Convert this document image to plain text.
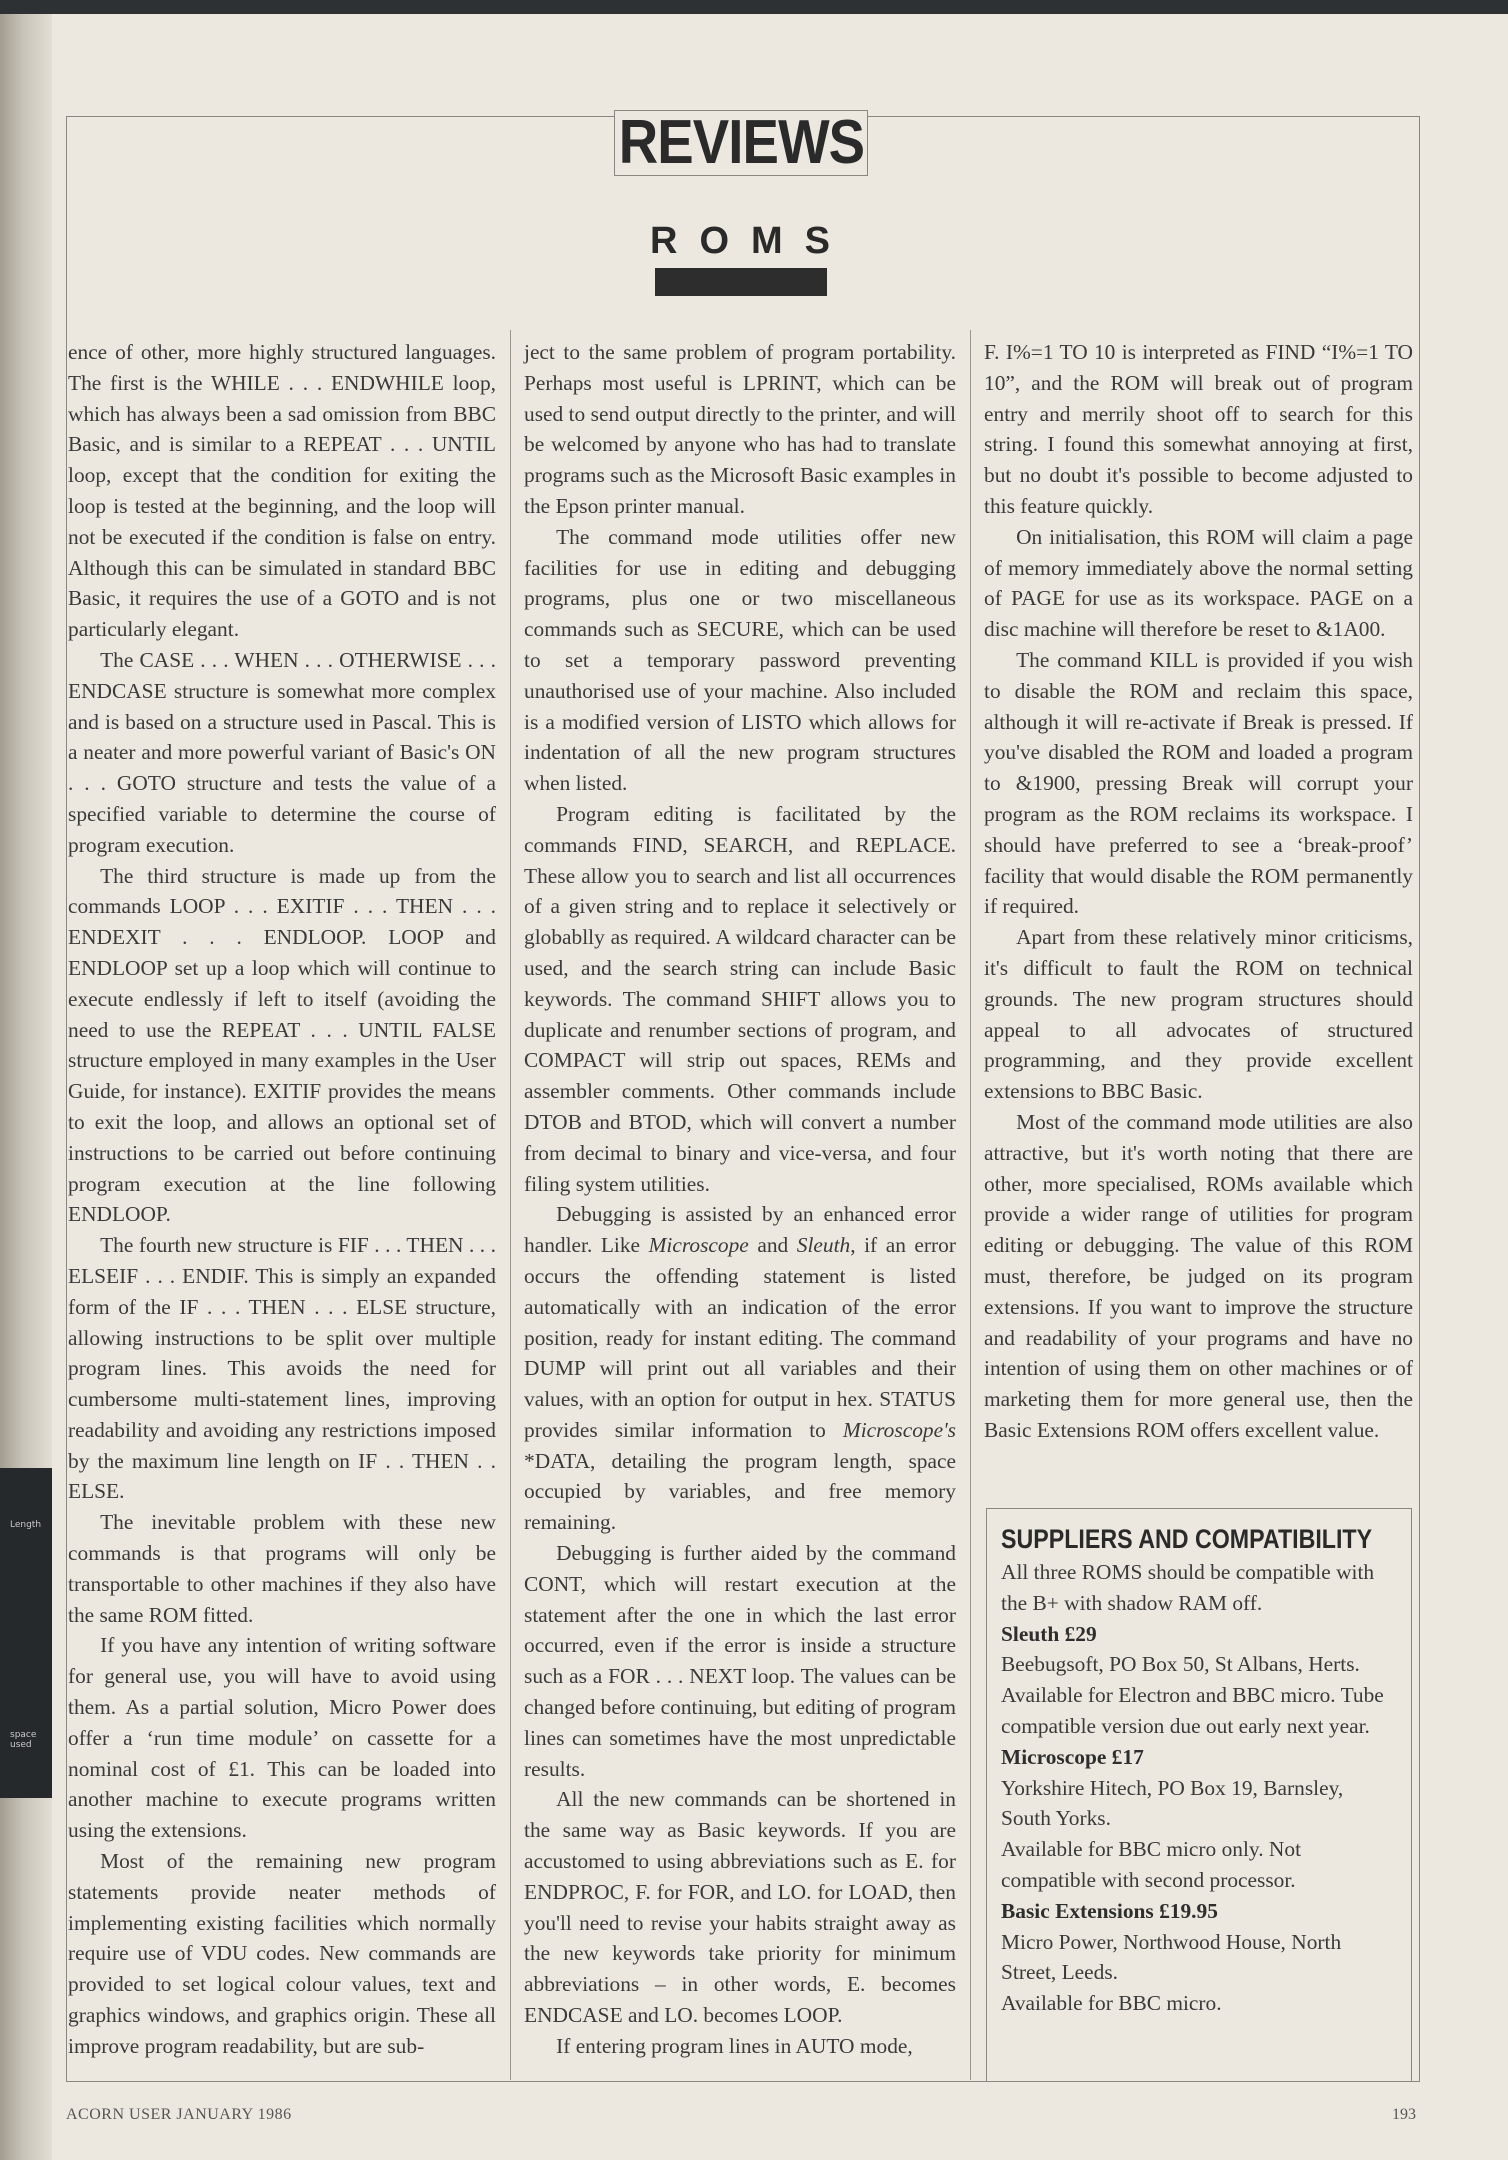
Length
space used
REVIEWS
ROMS

ence of other, more highly structured languages. The first is the WHILE . . . ENDWHILE loop, which has always been a sad omission from BBC Basic, and is similar to a REPEAT . . . UNTIL loop, except that the condition for exiting the loop is tested at the beginning, and the loop will not be executed if the condition is false on entry. Although this can be simulated in standard BBC Basic, it requires the use of a GOTO and is not particularly elegant.

The CASE . . . WHEN . . . OTHERWISE . . . ENDCASE structure is somewhat more complex and is based on a structure used in Pascal. This is a neater and more powerful variant of Basic's ON . . . GOTO structure and tests the value of a specified variable to determine the course of program execution.

The third structure is made up from the commands LOOP . . . EXITIF . . . THEN . . . ENDEXIT . . . ENDLOOP. LOOP and ENDLOOP set up a loop which will continue to execute endlessly if left to itself (avoiding the need to use the REPEAT . . . UNTIL FALSE structure employed in many examples in the User Guide, for instance). EXITIF provides the means to exit the loop, and allows an optional set of instructions to be carried out before continuing program execution at the line following ENDLOOP.

The fourth new structure is FIF . . . THEN . . . ELSEIF . . . ENDIF. This is simply an expanded form of the IF . . . THEN . . . ELSE structure, allowing instructions to be split over multiple program lines. This avoids the need for cumbersome multi-statement lines, improving readability and avoiding any restrictions imposed by the maximum line length on IF . . THEN . . ELSE.

The inevitable problem with these new commands is that programs will only be transportable to other machines if they also have the same ROM fitted.

If you have any intention of writing software for general use, you will have to avoid using them. As a partial solution, Micro Power does offer a ‘run time module’ on cassette for a nominal cost of £1. This can be loaded into another machine to execute programs written using the extensions.

Most of the remaining new program statements provide neater methods of implementing existing facilities which normally require use of VDU codes. New commands are provided to set logical colour values, text and graphics windows, and graphics origin. These all improve program readability, but are sub-

ject to the same problem of program portability. Perhaps most useful is LPRINT, which can be used to send output directly to the printer, and will be welcomed by anyone who has had to translate programs such as the Microsoft Basic examples in the Epson printer manual.

The command mode utilities offer new facilities for use in editing and debugging programs, plus one or two miscellaneous commands such as SECURE, which can be used to set a temporary password preventing unauthorised use of your machine. Also included is a modified version of LISTO which allows for indentation of all the new program structures when listed.

Program editing is facilitated by the commands FIND, SEARCH, and REPLACE. These allow you to search and list all occurrences of a given string and to replace it selectively or globablly as required. A wildcard character can be used, and the search string can include Basic keywords. The command SHIFT allows you to duplicate and renumber sections of program, and COMPACT will strip out spaces, REMs and assembler comments. Other commands include DTOB and BTOD, which will convert a number from decimal to binary and vice-versa, and four filing system utilities.

Debugging is assisted by an enhanced error handler. Like Microscope and Sleuth, if an error occurs the offending statement is listed automatically with an indication of the error position, ready for instant editing. The command DUMP will print out all variables and their values, with an option for output in hex. STATUS provides similar information to Microscope's *DATA, detailing the program length, space occupied by variables, and free memory remaining.

Debugging is further aided by the command CONT, which will restart execution at the statement after the one in which the last error occurred, even if the error is inside a structure such as a FOR . . . NEXT loop. The values can be changed before continuing, but editing of program lines can sometimes have the most unpredictable results.

All the new commands can be shortened in the same way as Basic keywords. If you are accustomed to using abbreviations such as E. for ENDPROC, F. for FOR, and LO. for LOAD, then you'll need to revise your habits straight away as the new keywords take priority for minimum abbreviations – in other words, E. becomes ENDCASE and LO. becomes LOOP.

If entering program lines in AUTO mode,

F. I%=1 TO 10 is interpreted as FIND “I%=1 TO 10”, and the ROM will break out of program entry and merrily shoot off to search for this string. I found this somewhat annoying at first, but no doubt it's possible to become adjusted to this feature quickly.

On initialisation, this ROM will claim a page of memory immediately above the normal setting of PAGE for use as its workspace. PAGE on a disc machine will therefore be reset to &1A00.

The command KILL is provided if you wish to disable the ROM and reclaim this space, although it will re-activate if Break is pressed. If you've disabled the ROM and loaded a program to &1900, pressing Break will corrupt your program as the ROM reclaims its workspace. I should have preferred to see a ‘break-proof’ facility that would disable the ROM permanently if required.

Apart from these relatively minor criticisms, it's difficult to fault the ROM on technical grounds. The new program structures should appeal to all advocates of structured programming, and they provide excellent extensions to BBC Basic.

Most of the command mode utilities are also attractive, but it's worth noting that there are other, more specialised, ROMs available which provide a wider range of utilities for program editing or debugging. The value of this ROM must, therefore, be judged on its program extensions. If you want to improve the structure and readability of your programs and have no intention of using them on other machines or of marketing them for more general use, then the Basic Extensions ROM offers excellent value.

SUPPLIERS AND COMPATIBILITY

All three ROMS should be compatible with the B+ with shadow RAM off.

Sleuth £29

Beebugsoft, PO Box 50, St Albans, Herts.

Available for Electron and BBC micro. Tube compatible version due out early next year.

Microscope £17

Yorkshire Hitech, PO Box 19, Barnsley, South Yorks.

Available for BBC micro only. Not compatible with second processor.

Basic Extensions £19.95

Micro Power, Northwood House, North Street, Leeds.

Available for BBC micro.

ACORN USER JANUARY 1986	193
